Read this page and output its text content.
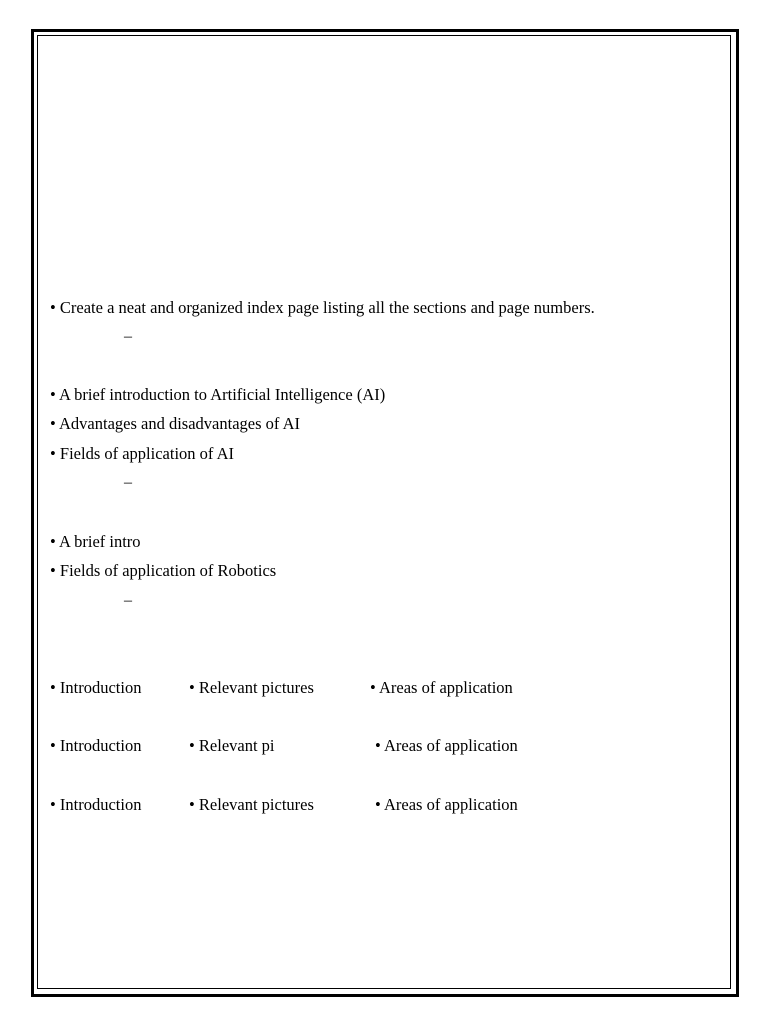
• Create a neat and organized index page listing all the sections and page numbers.
–
• A brief introduction to Artificial Intelligence (AI)
• Advantages and disadvantages of AI
• Fields of application of AI
–
• A brief intro
• Fields of application of Robotics
–
• Introduction	• Relevant pictures	• Areas of application
• Introduction	• Relevant pi	• Areas of application
• Introduction	• Relevant pictures	• Areas of application
